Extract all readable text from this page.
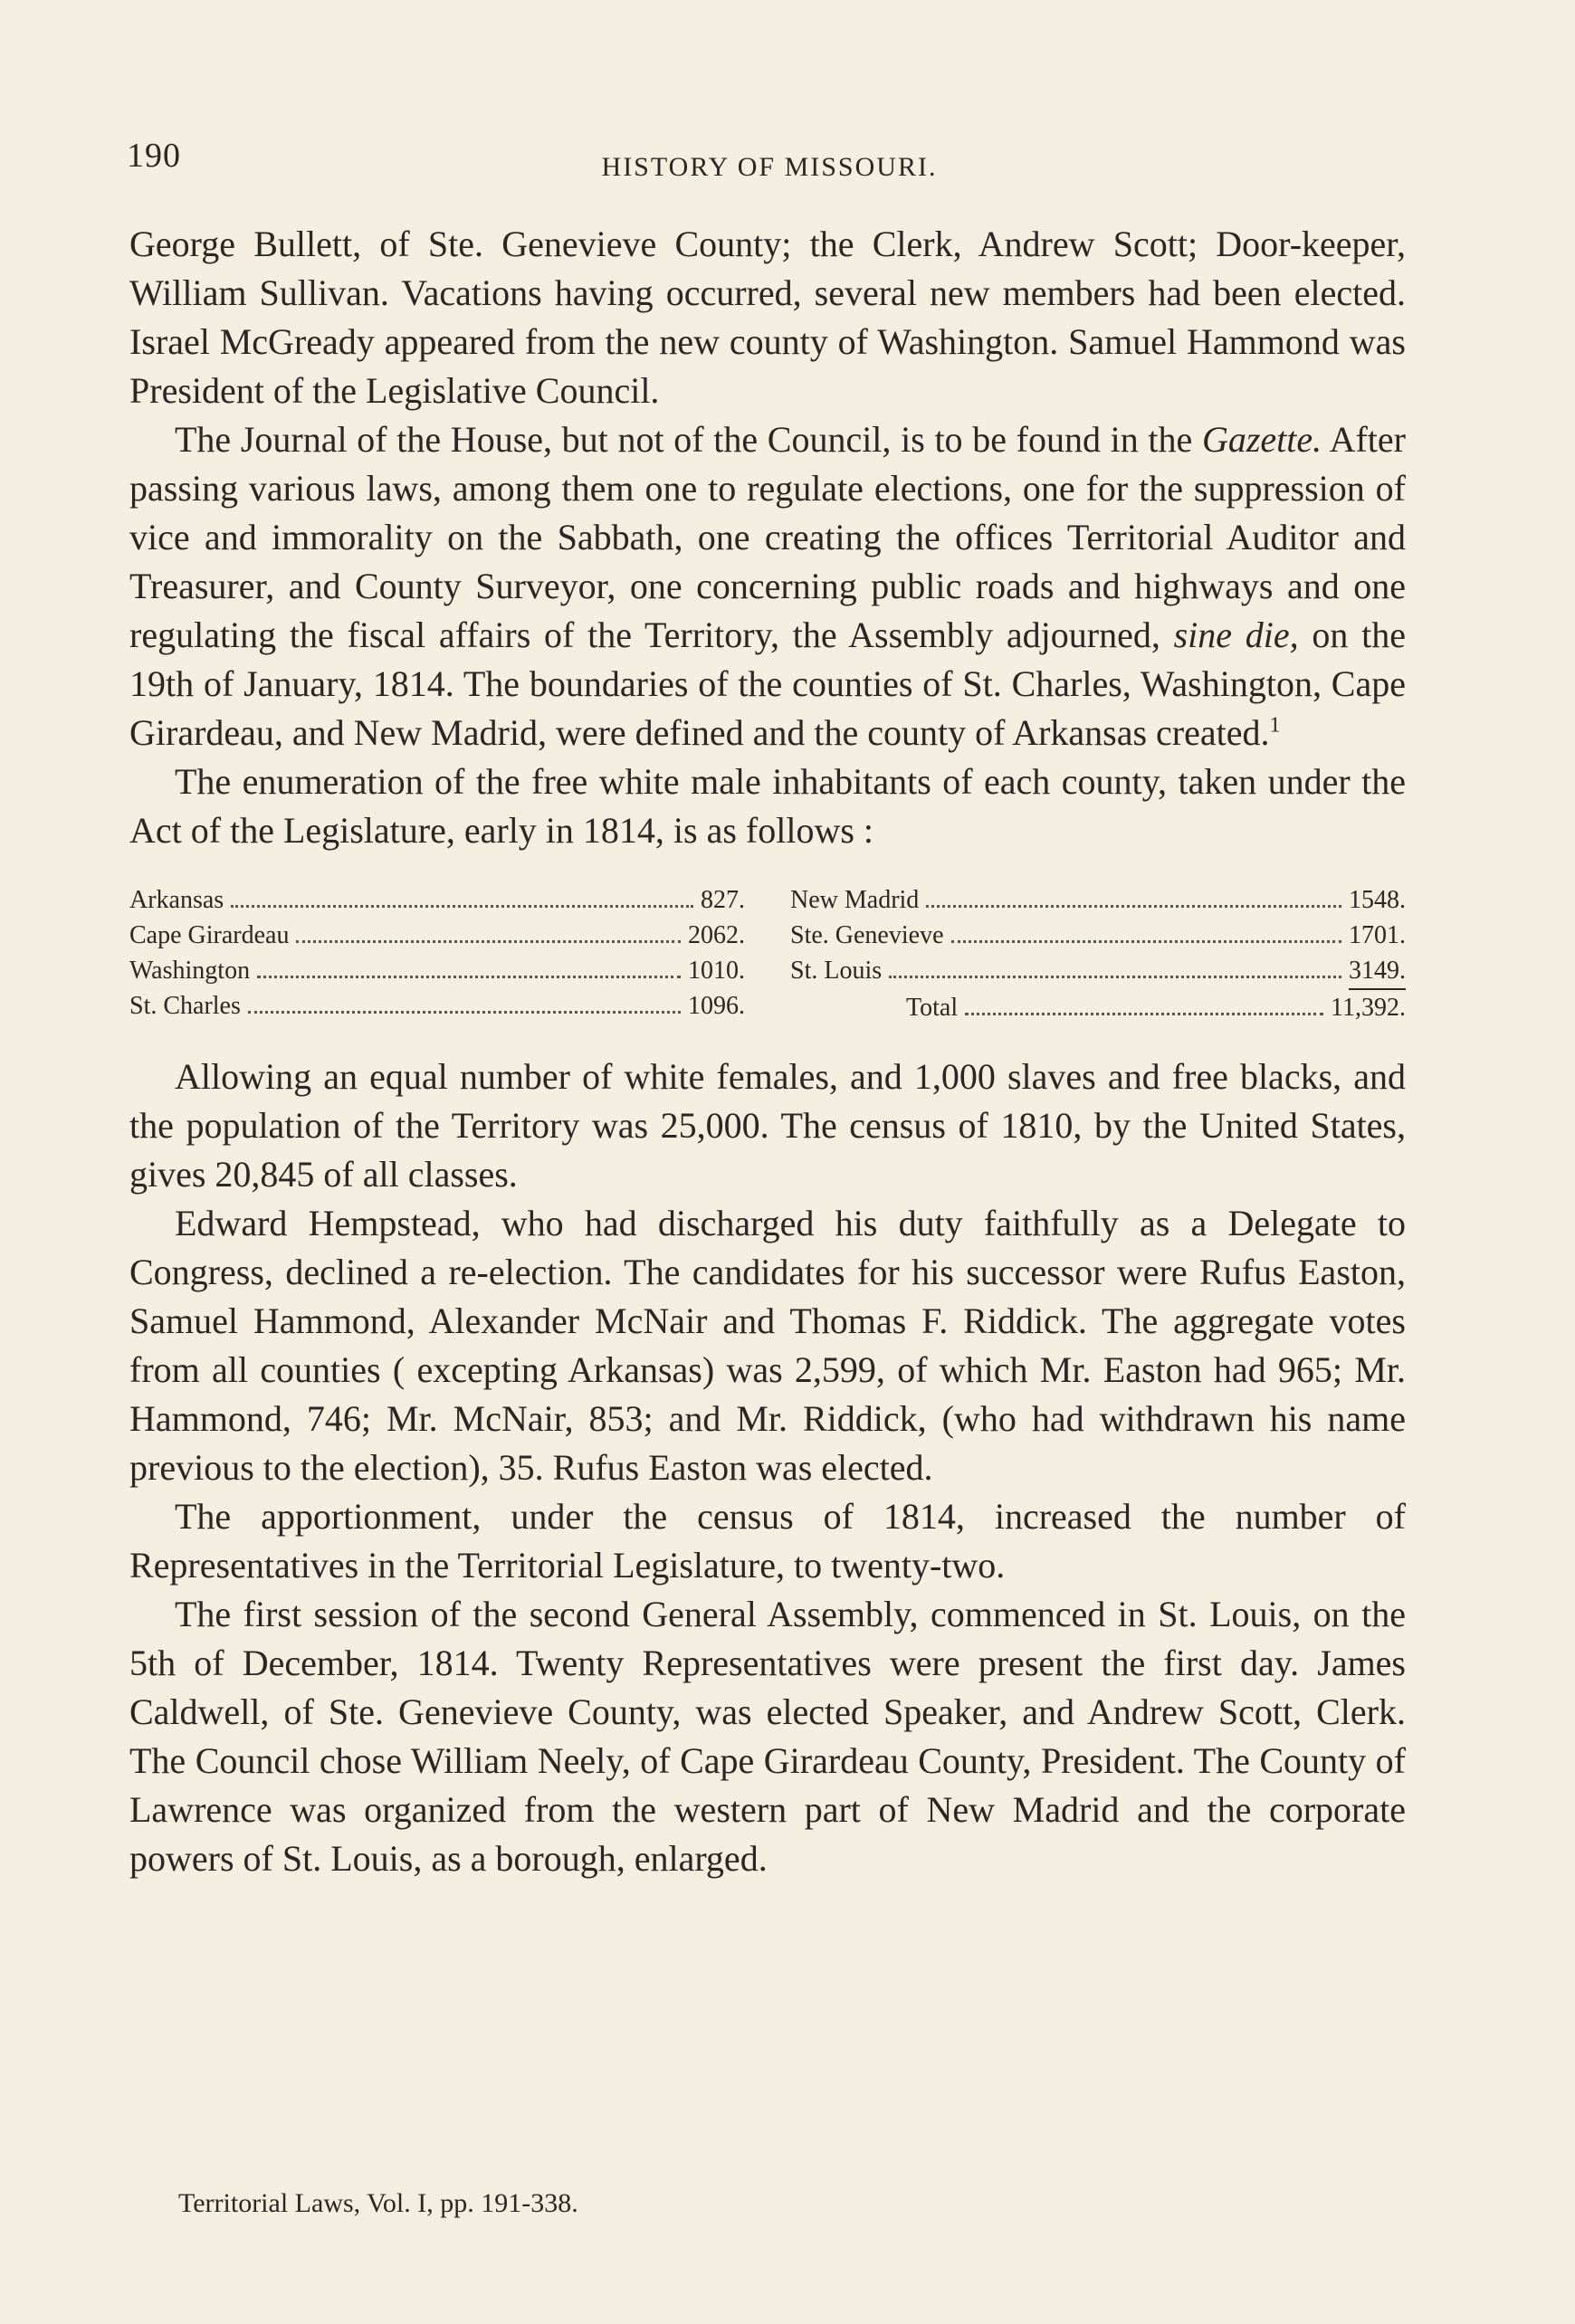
190	HISTORY OF MISSOURI.

George Bullett, of Ste. Genevieve County; the Clerk, Andrew Scott; Door-keeper, William Sullivan. Vacations having occurred, several new members had been elected. Israel McGready appeared from the new county of Washington. Samuel Hammond was President of the Legislative Council.

The Journal of the House, but not of the Council, is to be found in the Gazette. After passing various laws, among them one to regulate elections, one for the suppression of vice and immorality on the Sabbath, one creating the offices Territorial Auditor and Treasurer, and County Surveyor, one concerning public roads and highways and one regulating the fiscal affairs of the Territory, the Assembly adjourned, sine die, on the 19th of January, 1814. The boundaries of the counties of St. Charles, Washington, Cape Girardeau, and New Madrid, were defined and the county of Arkansas created.$^1$

The enumeration of the free white male inhabitants of each county, taken under the Act of the Legislature, early in 1814, is as follows :

Arkansas	827.
Cape Girardeau	2062.
Washington	1010.
St. Charles	1096.
New Madrid	1548.
Ste. Genevieve	1701.
St. Louis	3149.
Total	11,392.

Allowing an equal number of white females, and 1,000 slaves and free blacks, and the population of the Territory was 25,000. The census of 1810, by the United States, gives 20,845 of all classes.

Edward Hempstead, who had discharged his duty faithfully as a Delegate to Congress, declined a re-election. The candidates for his successor were Rufus Easton, Samuel Hammond, Alexander McNair and Thomas F. Riddick. The aggregate votes from all counties ( excepting Arkansas) was 2,599, of which Mr. Easton had 965; Mr. Hammond, 746; Mr. McNair, 853; and Mr. Riddick, (who had withdrawn his name previous to the election), 35. Rufus Easton was elected.

The apportionment, under the census of 1814, increased the number of Representatives in the Territorial Legislature, to twenty-two.

The first session of the second General Assembly, commenced in St. Louis, on the 5th of December, 1814. Twenty Representatives were present the first day. James Caldwell, of Ste. Genevieve County, was elected Speaker, and Andrew Scott, Clerk. The Council chose William Neely, of Cape Girardeau County, President. The County of Lawrence was organized from the western part of New Madrid and the corporate powers of St. Louis, as a borough, enlarged.

Territorial Laws, Vol. I, pp. 191-338.
